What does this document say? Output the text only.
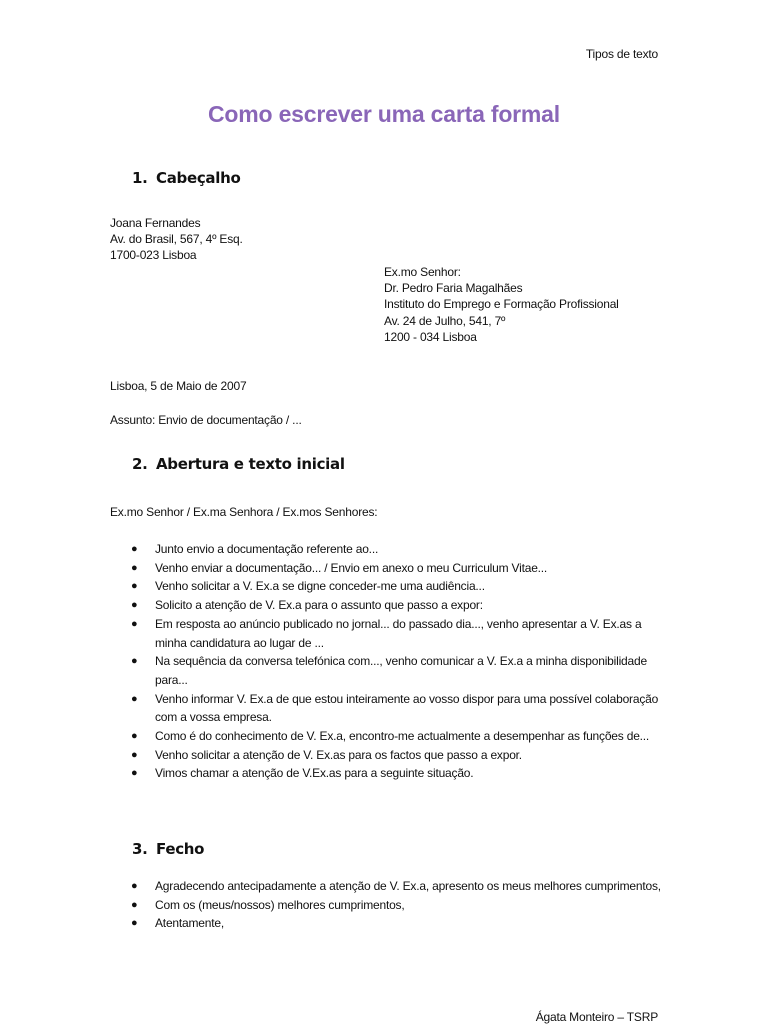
Tipos de texto
Como escrever uma carta formal
1. Cabeçalho
Joana Fernandes
Av. do Brasil, 567, 4º Esq.
1700-023 Lisboa
Ex.mo Senhor:
Dr. Pedro Faria Magalhães
Instituto do Emprego e Formação Profissional
Av. 24 de Julho, 541, 7º
1200 - 034 Lisboa
Lisboa, 5 de Maio de 2007
Assunto: Envio de documentação / ...
2. Abertura e texto inicial
Ex.mo Senhor / Ex.ma Senhora / Ex.mos Senhores:
● Junto envio a documentação referente ao...
● Venho enviar a documentação... / Envio em anexo o meu Curriculum Vitae...
● Venho solicitar a V. Ex.a se digne conceder-me uma audiência...
● Solicito a atenção de V. Ex.a para o assunto que passo a expor:
● Em resposta ao anúncio publicado no jornal... do passado dia..., venho apresentar a V. Ex.as a minha candidatura ao lugar de ...
● Na sequência da conversa telefónica com..., venho comunicar a V. Ex.a a minha disponibilidade para...
● Venho informar V. Ex.a de que estou inteiramente ao vosso dispor para uma possível colaboração com a vossa empresa.
● Como é do conhecimento de V. Ex.a, encontro-me actualmente a desempenhar as funções de...
● Venho solicitar a atenção de V. Ex.as para os factos que passo a expor.
● Vimos chamar a atenção de V.Ex.as para a seguinte situação.
3. Fecho
● Agradecendo antecipadamente a atenção de V. Ex.a, apresento os meus melhores cumprimentos,
● Com os (meus/nossos) melhores cumprimentos,
● Atentamente,
Ágata Monteiro – TSRP
